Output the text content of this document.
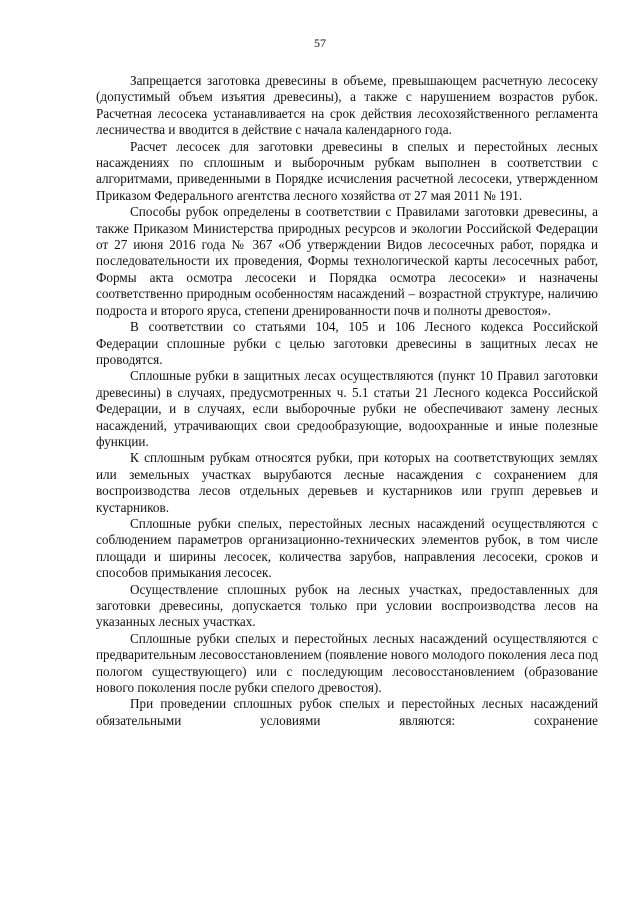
57

Запрещается заготовка древесины в объеме, превышающем расчетную лесосеку (допустимый объем изъятия древесины), а также с нарушением возрастов рубок. Расчетная лесосека устанавливается на срок действия лесохозяйственного регламента лесничества и вводится в действие с начала календарного года.

Расчет лесосек для заготовки древесины в спелых и перестойных лесных насаждениях по сплошным и выборочным рубкам выполнен в соответствии с алгоритмами, приведенными в Порядке исчисления расчетной лесосеки, утвержденном Приказом Федерального агентства лесного хозяйства от 27 мая 2011 № 191.

Способы рубок определены в соответствии с Правилами заготовки древесины, а также Приказом Министерства природных ресурсов и экологии Российской Федерации от 27 июня 2016 года № 367 «Об утверждении Видов лесосечных работ, порядка и последовательности их проведения, Формы технологической карты лесосечных работ, Формы акта осмотра лесосеки и Порядка осмотра лесосеки» и назначены соответственно природным особенностям насаждений – возрастной структуре, наличию подроста и второго яруса, степени дренированности почв и полноты древостоя».

В соответствии со статьями 104, 105 и 106 Лесного кодекса Российской Федерации сплошные рубки с целью заготовки древесины в защитных лесах не проводятся.

Сплошные рубки в защитных лесах осуществляются (пункт 10 Правил заготовки древесины) в случаях, предусмотренных ч. 5.1 статьи 21 Лесного кодекса Российской Федерации, и в случаях, если выборочные рубки не обеспечивают замену лесных насаждений, утрачивающих свои средообразующие, водоохранные и иные полезные функции.

К сплошным рубкам относятся рубки, при которых на соответствующих землях или земельных участках вырубаются лесные насаждения с сохранением для воспроизводства лесов отдельных деревьев и кустарников или групп деревьев и кустарников.

Сплошные рубки спелых, перестойных лесных насаждений осуществляются с соблюдением параметров организационно-технических элементов рубок, в том числе площади и ширины лесосек, количества зарубов, направления лесосеки, сроков и способов примыкания лесосек.

Осуществление сплошных рубок на лесных участках, предоставленных для заготовки древесины, допускается только при условии воспроизводства лесов на указанных лесных участках.

Сплошные рубки спелых и перестойных лесных насаждений осуществляются с предварительным лесовосстановлением (появление нового молодого поколения леса под пологом существующего) или с последующим лесовосстановлением (образование нового поколения после рубки спелого древостоя).

При проведении сплошных рубок спелых и перестойных лесных насаждений обязательными условиями являются: сохранение
